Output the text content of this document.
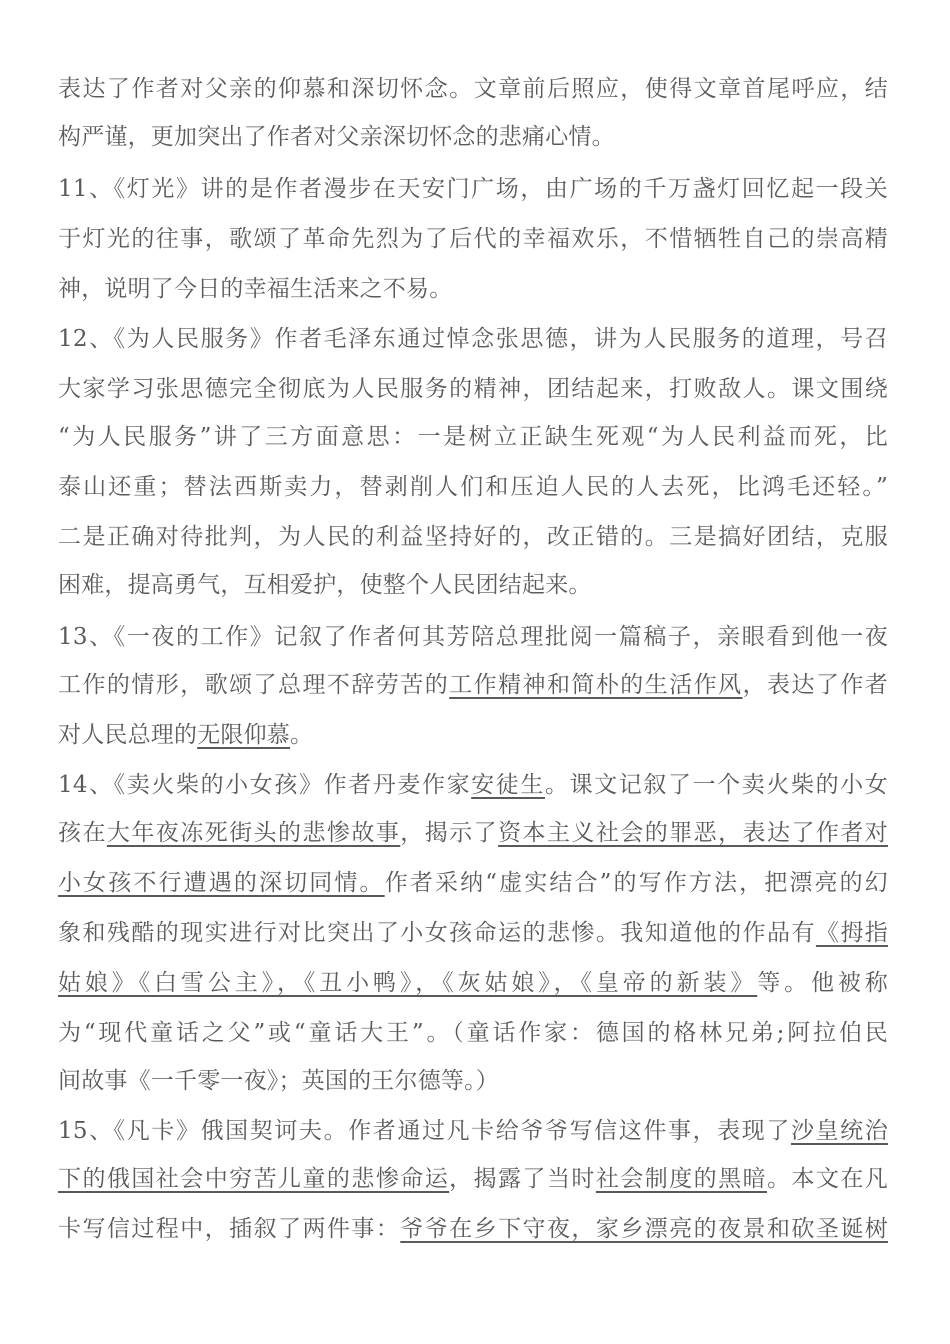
表达了作者对父亲的仰慕和深切怀念。文章前后照应，使得文章首尾呼应，结
构严谨，更加突出了作者对父亲深切怀念的悲痛心情。
11、《灯光》讲的是作者漫步在天安门广场，由广场的千万盏灯回忆起一段关
于灯光的往事，歌颂了革命先烈为了后代的幸福欢乐，不惜牺牲自己的崇高精
神，说明了今日的幸福生活来之不易。
12、《为人民服务》作者毛泽东通过悼念张思德，讲为人民服务的道理，号召
大家学习张思德完全彻底为人民服务的精神，团结起来，打败敌人。课文围绕
“为人民服务”讲了三方面意思：一是树立正缺生死观“为人民利益而死，比
泰山还重；替法西斯卖力，替剥削人们和压迫人民的人去死，比鸿毛还轻。”
二是正确对待批判，为人民的利益坚持好的，改正错的。三是搞好团结，克服
困难，提高勇气，互相爱护，使整个人民团结起来。
13、《一夜的工作》记叙了作者何其芳陪总理批阅一篇稿子，亲眼看到他一夜
工作的情形，歌颂了总理不辞劳苦的工作精神和简朴的生活作风，表达了作者
对人民总理的无限仰慕。
14、《卖火柴的小女孩》作者丹麦作家安徒生。课文记叙了一个卖火柴的小女
孩在大年夜冻死街头的悲惨故事，揭示了资本主义社会的罪恶，表达了作者对
小女孩不行遭遇的深切同情。作者采纳“虚实结合”的写作方法，把漂亮的幻
象和残酷的现实进行对比突出了小女孩命运的悲惨。我知道他的作品有《拇指
姑娘》《白雪公主》，《丑小鸭》，《灰姑娘》，《皇帝的新装》等。他被称
为“现代童话之父”或“童话大王”。（童话作家：德国的格林兄弟;阿拉伯民
间故事《一千零一夜》；英国的王尔德等。）
15、《凡卡》俄国契诃夫。作者通过凡卡给爷爷写信这件事，表现了沙皇统治
下的俄国社会中穷苦儿童的悲惨命运，揭露了当时社会制度的黑暗。本文在凡
卡写信过程中，插叙了两件事：爷爷在乡下守夜，家乡漂亮的夜景和砍圣诞树
